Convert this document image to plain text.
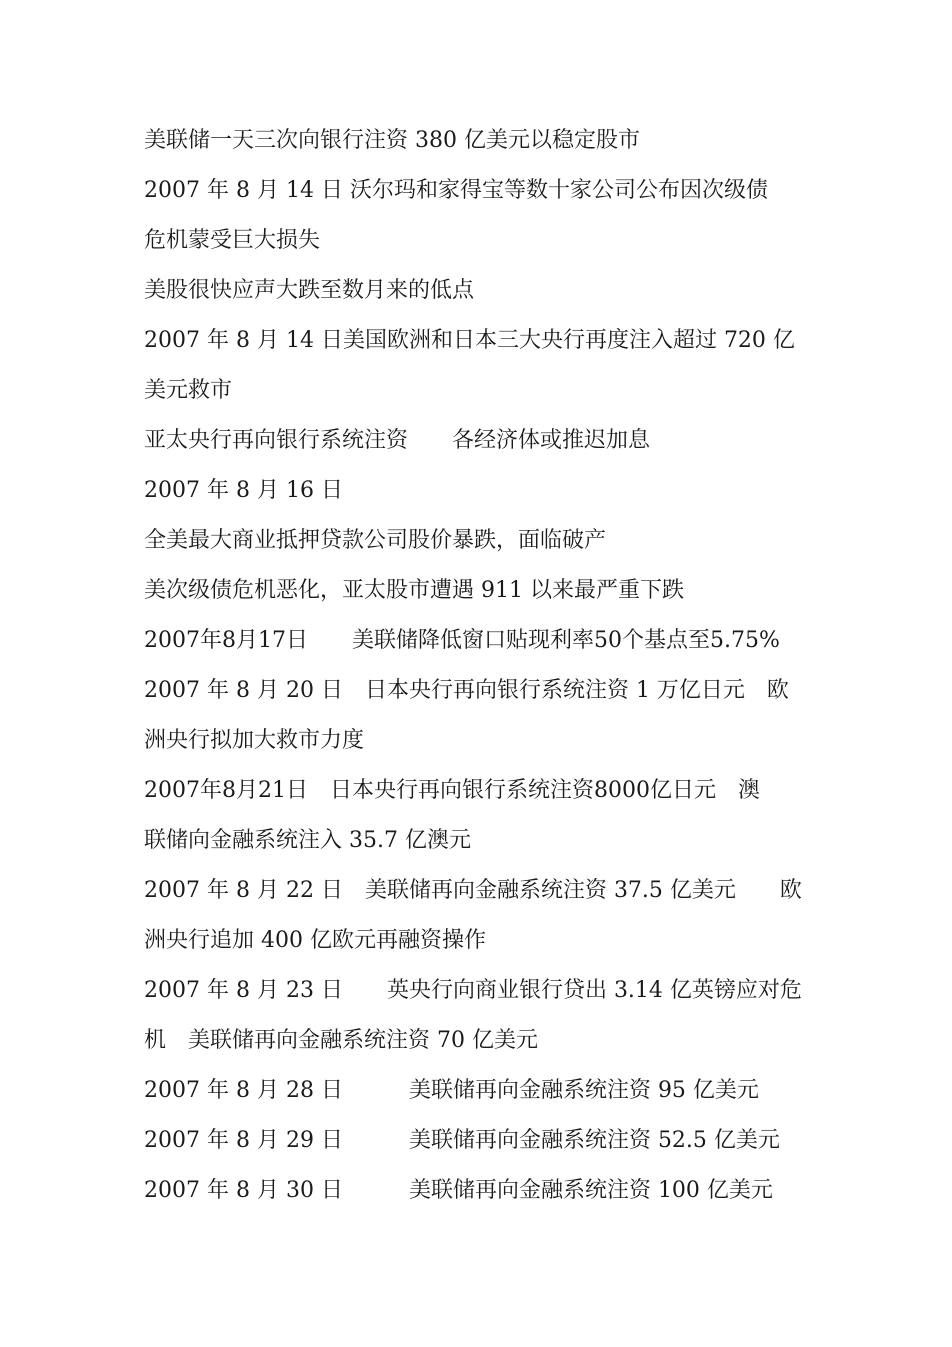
美联储一天三次向银行注资 380 亿美元以稳定股市
2007 年 8 月 14 日 沃尔玛和家得宝等数十家公司公布因次级债
危机蒙受巨大损失
美股很快应声大跌至数月来的低点
2007 年 8 月 14 日美国欧洲和日本三大央行再度注入超过 720 亿
美元救市
亚太央行再向银行系统注资　　各经济体或推迟加息
2007 年 8 月 16 日
全美最大商业抵押贷款公司股价暴跌，面临破产
美次级债危机恶化，亚太股市遭遇 911 以来最严重下跌
2007年8月17日　　美联储降低窗口贴现利率50个基点至5.75%
2007 年 8 月 20 日　日本央行再向银行系统注资 1 万亿日元　欧
洲央行拟加大救市力度
2007年8月21日　日本央行再向银行系统注资8000亿日元　澳
联储向金融系统注入 35.7 亿澳元
2007 年 8 月 22 日　美联储再向金融系统注资 37.5 亿美元　　欧
洲央行追加 400 亿欧元再融资操作
2007 年 8 月 23 日　　英央行向商业银行贷出 3.14 亿英镑应对危
机　美联储再向金融系统注资 70 亿美元
2007 年 8 月 28 日　　　美联储再向金融系统注资 95 亿美元
2007 年 8 月 29 日　　　美联储再向金融系统注资 52.5 亿美元
2007 年 8 月 30 日　　　美联储再向金融系统注资 100 亿美元
